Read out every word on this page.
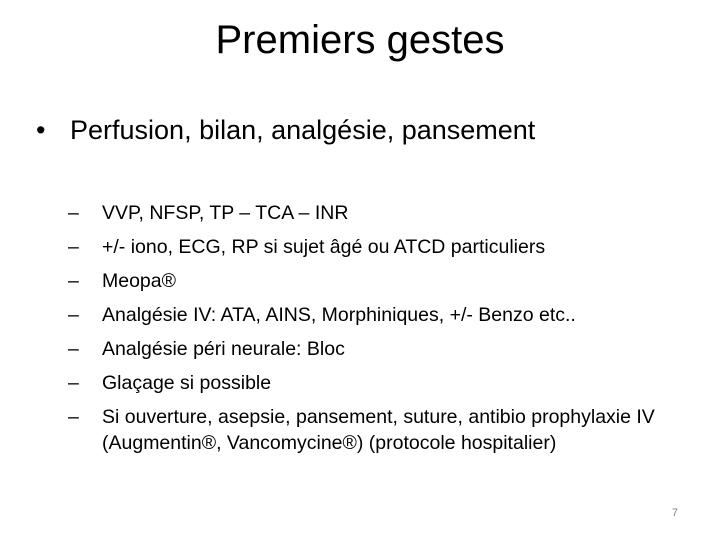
Premiers gestes
• Perfusion, bilan, analgésie, pansement
–	VVP, NFSP, TP – TCA – INR
–	+/- iono, ECG, RP si sujet âgé ou ATCD particuliers
–	Meopa®
–	Analgésie IV: ATA, AINS, Morphiniques, +/- Benzo etc..
–	Analgésie péri neurale: Bloc
–	Glaçage si possible
–	Si ouverture, asepsie, pansement, suture, antibio prophylaxie IV (Augmentin®, Vancomycine®) (protocole hospitalier)
7
